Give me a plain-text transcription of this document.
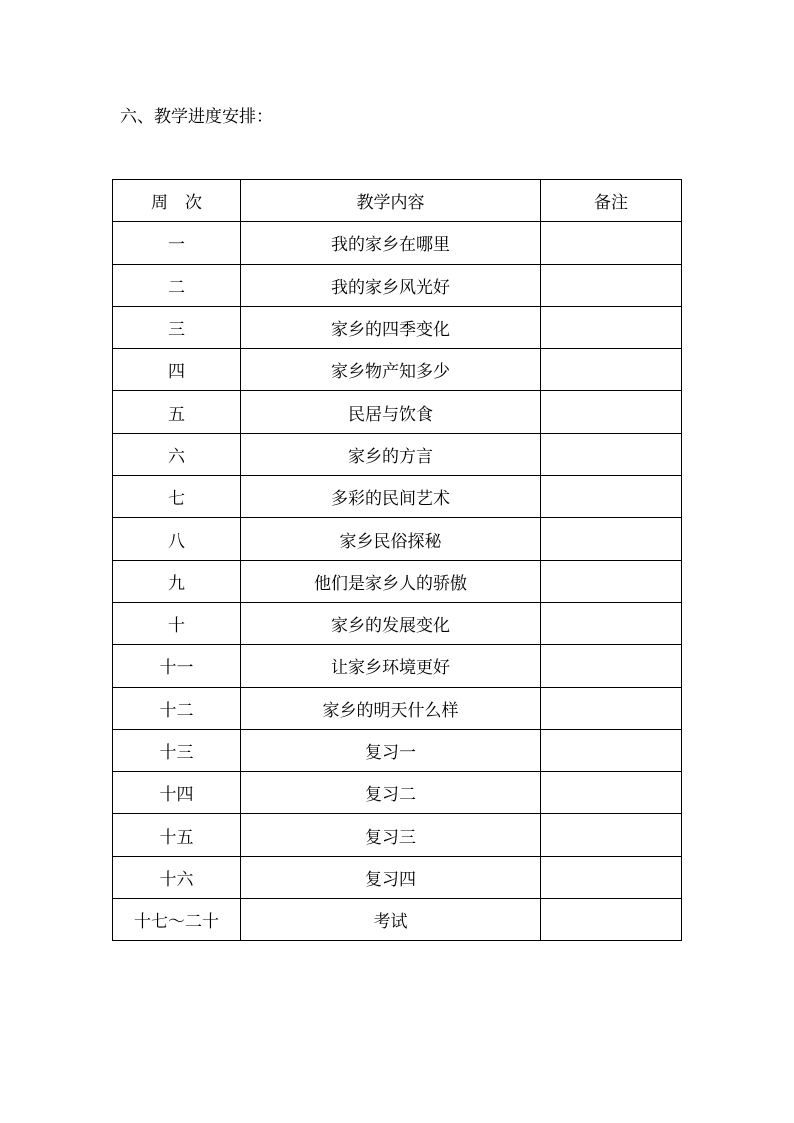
六、教学进度安排：
周　次	教学内容	备注
一	我的家乡在哪里	
二	我的家乡风光好	
三	家乡的四季变化	
四	家乡物产知多少	
五	民居与饮食	
六	家乡的方言	
七	多彩的民间艺术	
八	家乡民俗探秘	
九	他们是家乡人的骄傲	
十	家乡的发展变化	
十一	让家乡环境更好	
十二	家乡的明天什么样	
十三	复习一	
十四	复习二	
十五	复习三	
十六	复习四	
十七～二十	考试	
